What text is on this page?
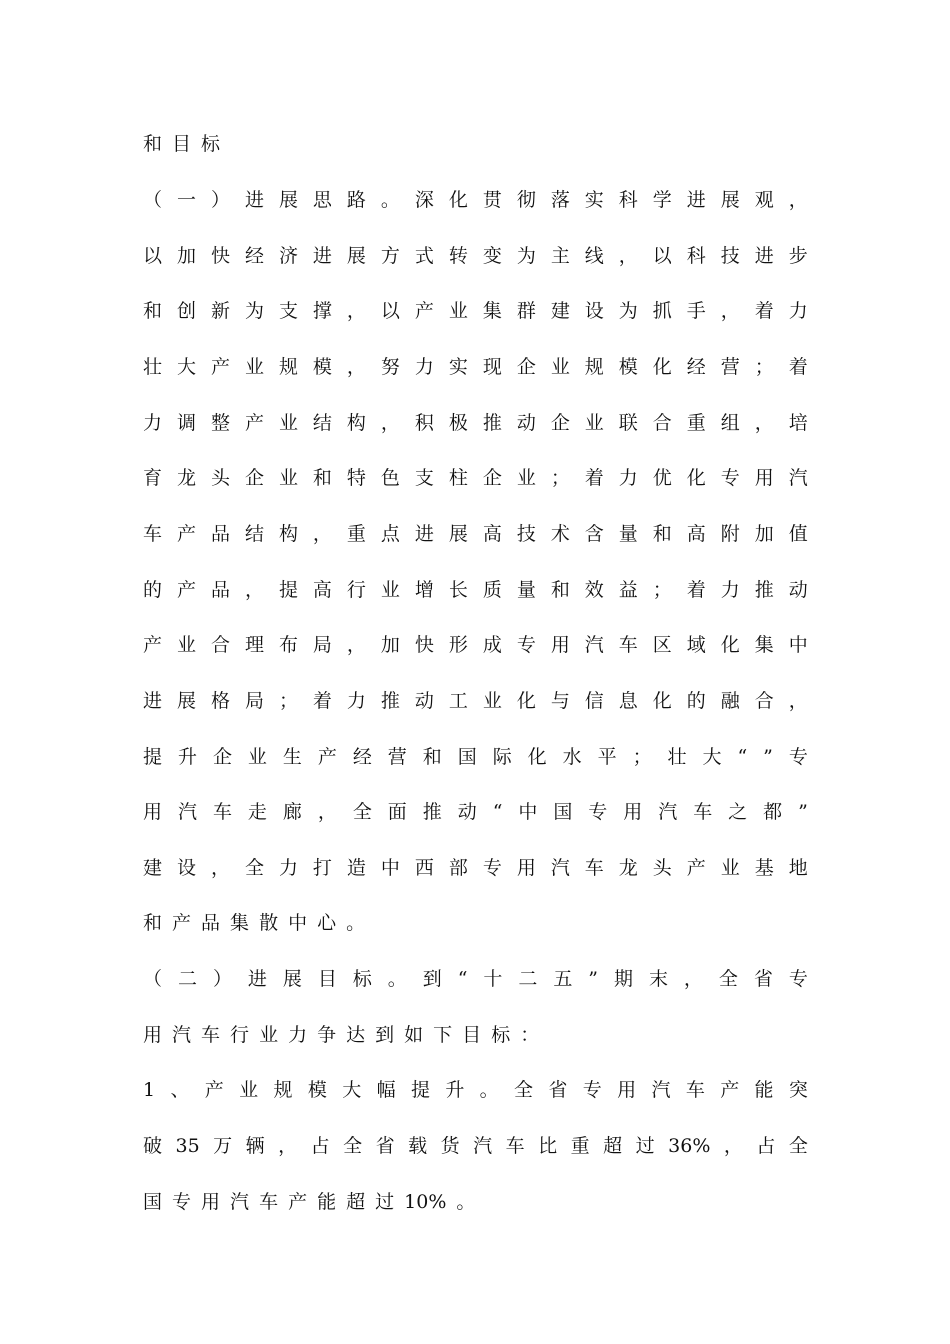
和 目 标

（ 一 ） 进 展 思 路 。 深 化 贯 彻 落 实 科 学 进 展 观 ，

以 加 快 经 济 进 展 方 式 转 变 为 主 线 ， 以 科 技 进 步

和 创 新 为 支 撑 ， 以 产 业 集 群 建 设 为 抓 手 ， 着 力

壮 大 产 业 规 模 ， 努 力 实 现 企 业 规 模 化 经 营 ； 着

力 调 整 产 业 结 构 ， 积 极 推 动 企 业 联 合 重 组 ， 培

育 龙 头 企 业 和 特 色 支 柱 企 业 ； 着 力 优 化 专 用 汽

车 产 品 结 构 ， 重 点 进 展 高 技 术 含 量 和 高 附 加 值

的 产 品 ， 提 高 行 业 增 长 质 量 和 效 益 ； 着 力 推 动

产 业 合 理 布 局 ， 加 快 形 成 专 用 汽 车 区 域 化 集 中

进 展 格 局 ； 着 力 推 动 工 业 化 与 信 息 化 的 融 合 ，

提 升 企 业 生 产 经 营 和 国 际 化 水 平 ； 壮 大 “ ” 专

用 汽 车 走 廊 ， 全 面 推 动 “ 中 国 专 用 汽 车 之 都 ”

建 设 ， 全 力 打 造 中 西 部 专 用 汽 车 龙 头 产 业 基 地

和 产 品 集 散 中 心 。

（ 二 ） 进 展 目 标 。 到 “ 十 二 五 ” 期 末 ， 全 省 专

用 汽 车 行 业 力 争 达 到 如 下 目 标 ：

1 、 产 业 规 模 大 幅 提 升 。 全 省 专 用 汽 车 产 能 突

破 35 万 辆 ， 占 全 省 载 货 汽 车 比 重 超 过 36% ， 占 全

国 专 用 汽 车 产 能 超 过 10% 。
